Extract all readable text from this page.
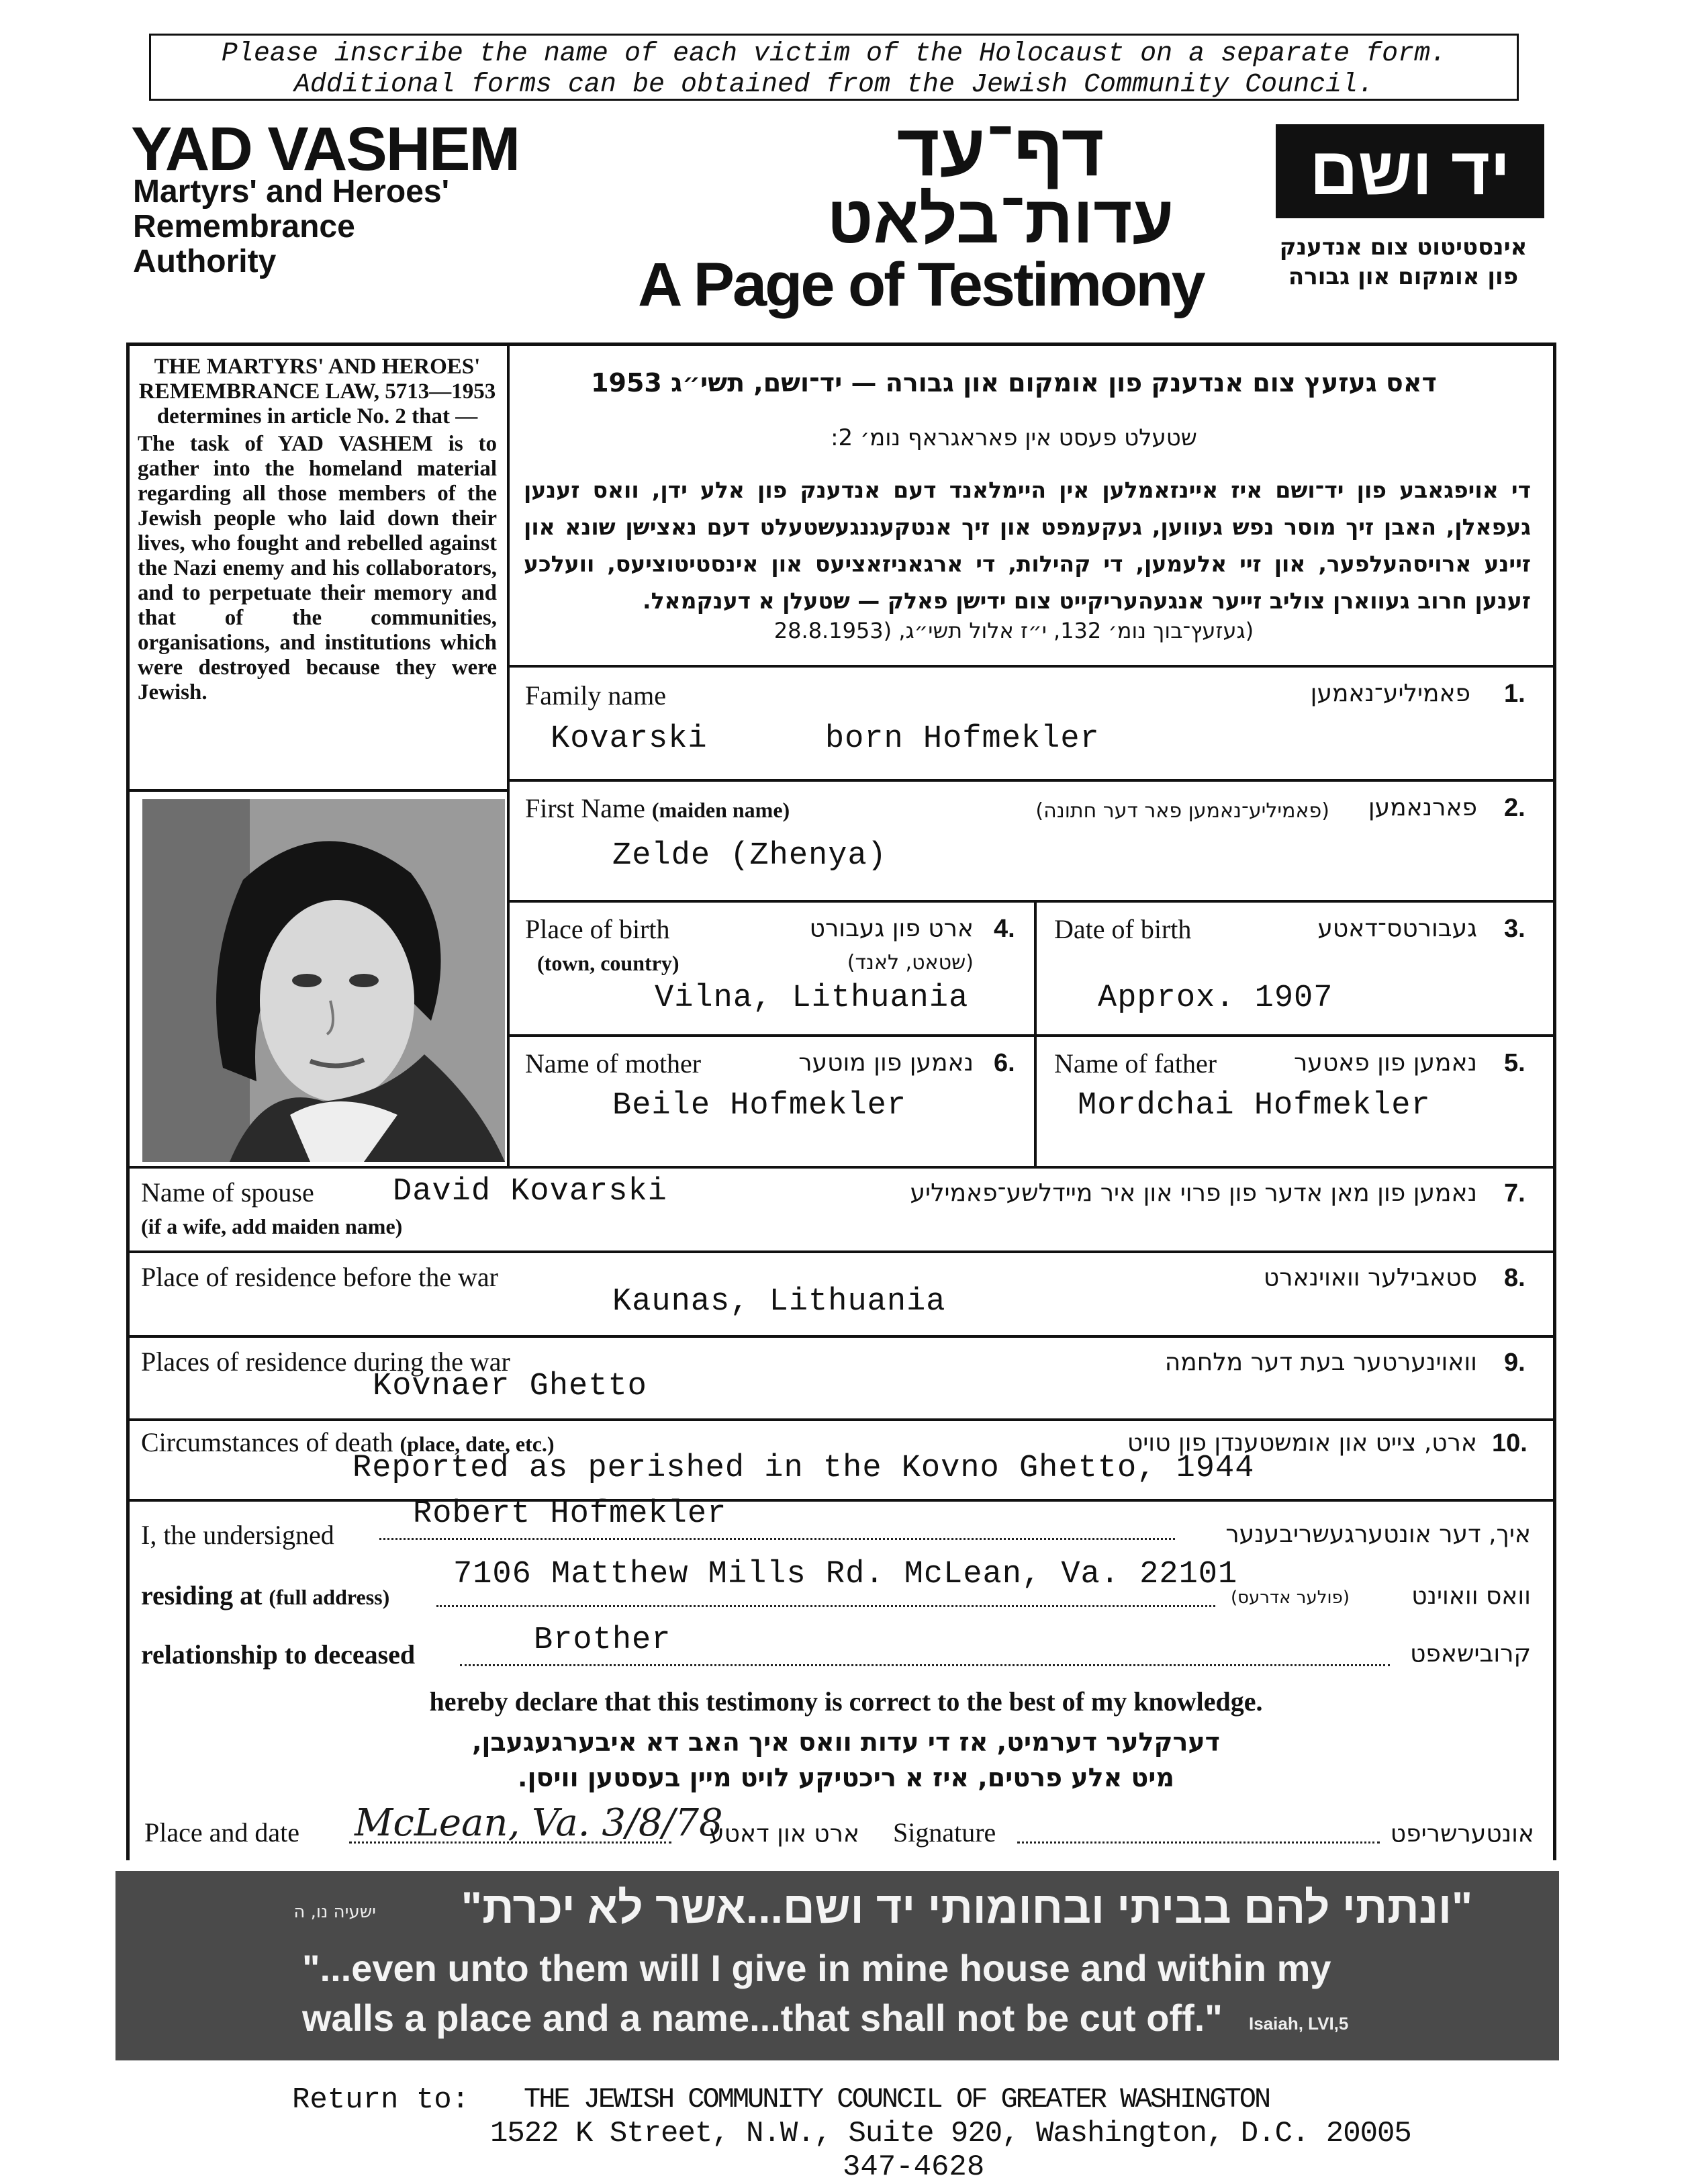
Please inscribe the name of each victim of the Holocaust on a separate form.
Additional forms can be obtained from the Jewish Community Council.
YAD VASHEM
Martyrs' and Heroes'
Remembrance
Authority
דף־עד
עדות־בלאט
A Page of Testimony
יד ושם
אינסטיטוט צום אנדענק
פון אומקום און גבורה
THE MARTYRS' AND HEROES' REMEMBRANCE LAW, 5713—1953
determines in article No. 2 that —
The task of YAD VASHEM is to gather into the homeland material regarding all those members of the Jewish people who laid down their lives, who fought and rebelled against the Nazi enemy and his collaborators, and to perpetuate their memory and that of the communities, organisations, and institutions which were destroyed because they were Jewish.
דאס געזעץ צום אנדענק פון אומקום און גבורה — יד־ושם, תשי״ג 1953
שטעלט פעסט אין פאראגראף נומ׳ 2:
די אויפגאבע פון יד־ושם איז איינזאמלען אין היימלאנד דעם אנדענק פון אלע ידן, וואס זענען געפאלן, האבן זיך מוסר נפש געווען, געקעמפט און זיך אנטקעגנגעשטעלט דעם נאצישן שונא און זיינע ארויסהעלפער, און זיי אלעמען, די קהילות, די ארגאניזאציעס און אינסטיטוציעס, וועלכע זענען חרוב געווארן צוליב זייער אנגעהעריקייט צום ידישן פאלק — שטעלן א דענקמאל.
(געזעץ־בוך נומ׳ 132, י״ז אלול תשי״ג, (28.8.1953
Family name	פאמיליע־נאמען 1.
Kovarski      born Hofmekler
First Name (maiden name)	(פאמיליע־נאמען פאר דער חתונה)	פארנאמען 2.
Zelde (Zhenya)
Place of birth	ארט פון געבורט 4.
(town, country)	(שטאט, לאנד)
Vilna, Lithuania
Date of birth	געבורטס־דאטע 3.
Approx. 1907
Name of mother	נאמען פון מוטער 6.
Beile Hofmekler
Name of father	נאמען פון פאטער 5.
Mordchai Hofmekler
Name of spouse
(if a wife, add maiden name)
David Kovarski	נאמען פון מאן אדער פון פרוי און איר מיידלשע־פאמיליע 7.
Place of residence before the war	סטאבילער וואוינארט 8.
Kaunas, Lithuania
Places of residence during the war	וואוינערטער בעת דער מלחמה 9.
Kovnaer Ghetto
Circumstances of death (place, date, etc.)	ארט, צייט און אומשטענדן פון טויט 10.
Reported as perished in the Kovno Ghetto, 1944
I, the undersigned
Robert Hofmekler
איך, דער אונטערגעשריבענער
residing at (full address)
7106 Matthew Mills Rd. McLean, Va. 22101
(פולער אדרעס)	וואס וואוינט
relationship to deceased	Brother	קרובישאפט
hereby declare that this testimony is correct to the best of my knowledge.
דערקלער דערמיט, אז די עדות וואס איך האב דא איבערגעגעבן,
מיט אלע פרטים, איז א ריכטיקע לויט מיין בעסטען וויסן.
Place and date McLean, Va. 3/8/78
ארט און דאטע Signature	אונטערשריפט
ישעיה נו, ה	"ונתתי להם בביתי ובחומותי יד ושם...אשר לא יכרת"
"...even unto them will I give in mine house and within my
walls a place and a name...that shall not be cut off." Isaiah, LVI,5
Return to: THE JEWISH COMMUNITY COUNCIL OF GREATER WASHINGTON
1522 K Street, N.W., Suite 920, Washington, D.C. 20005
347-4628
